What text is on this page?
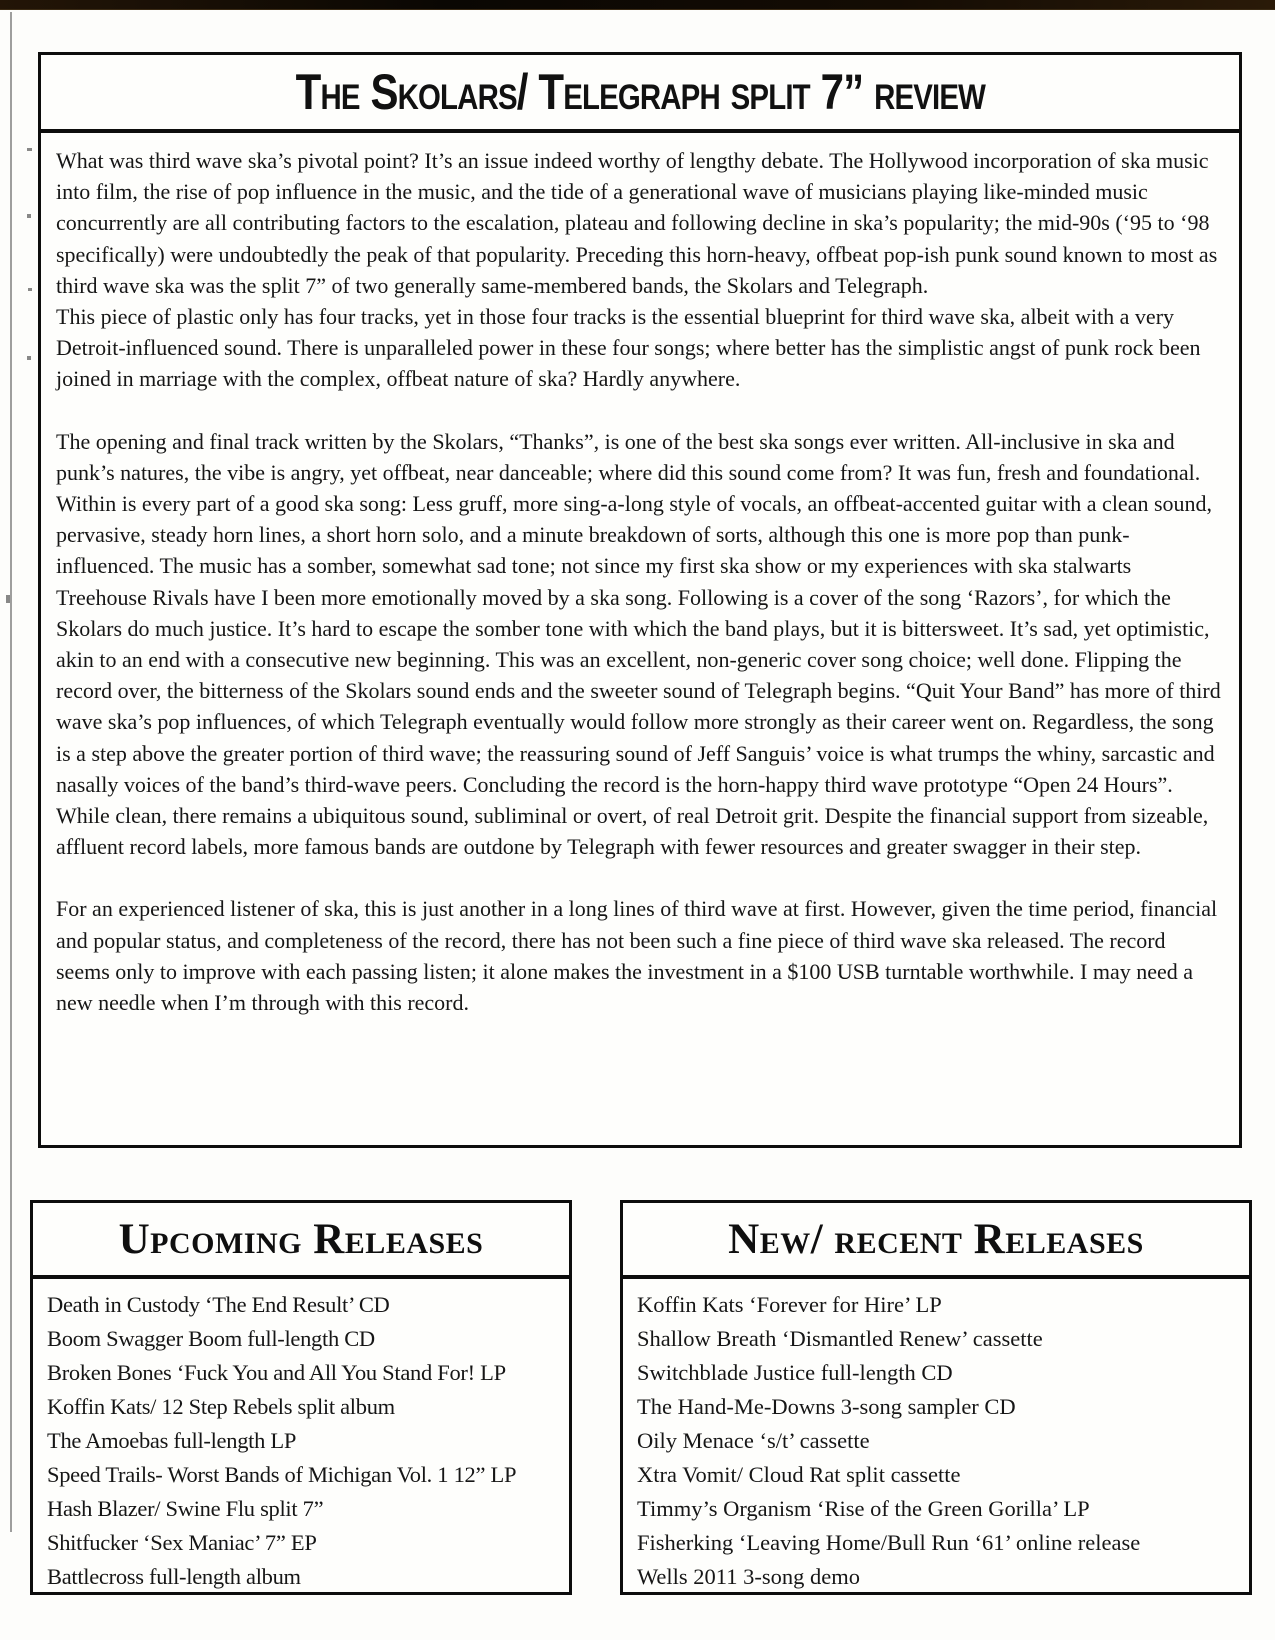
The Skolars/ Telegraph split 7” review

What was third wave ska’s pivotal point? It’s an issue indeed worthy of lengthy debate. The Hollywood incorporation of ska music into film, the rise of pop influence in the music, and the tide of a generational wave of musicians playing like-minded music concurrently are all contributing factors to the escalation, plateau and following decline in ska’s popularity; the mid-90s (‘95 to ‘98 specifically) were undoubtedly the peak of that popularity. Preceding this horn-heavy, offbeat pop-ish punk sound known to most as third wave ska was the split 7” of two generally same-membered bands, the Skolars and Telegraph.

This piece of plastic only has four tracks, yet in those four tracks is the essential blueprint for third wave ska, albeit with a very Detroit-influenced sound. There is unparalleled power in these four songs; where better has the simplistic angst of punk rock been joined in marriage with the complex, offbeat nature of ska? Hardly anywhere.

The opening and final track written by the Skolars, “Thanks”, is one of the best ska songs ever written. All-inclusive in ska and punk’s natures, the vibe is angry, yet offbeat, near danceable; where did this sound come from? It was fun, fresh and foundational. Within is every part of a good ska song: Less gruff, more sing-a-long style of vocals, an offbeat-accented guitar with a clean sound, pervasive, steady horn lines, a short horn solo, and a minute breakdown of sorts, although this one is more pop than punk-influenced. The music has a somber, somewhat sad tone; not since my first ska show or my experiences with ska stalwarts Treehouse Rivals have I been more emotionally moved by a ska song. Following is a cover of the song ‘Razors’, for which the Skolars do much justice. It’s hard to escape the somber tone with which the band plays, but it is bittersweet. It’s sad, yet optimistic, akin to an end with a consecutive new beginning. This was an excellent, non-generic cover song choice; well done. Flipping the record over, the bitterness of the Skolars sound ends and the sweeter sound of Telegraph begins. “Quit Your Band” has more of third wave ska’s pop influences, of which Telegraph eventually would follow more strongly as their career went on. Regardless, the song is a step above the greater portion of third wave; the reassuring sound of Jeff Sanguis’ voice is what trumps the whiny, sarcastic and nasally voices of the band’s third-wave peers. Concluding the record is the horn-happy third wave prototype “Open 24 Hours”. While clean, there remains a ubiquitous sound, subliminal or overt, of real Detroit grit. Despite the financial support from sizeable, affluent record labels, more famous bands are outdone by Telegraph with fewer resources and greater swagger in their step.

For an experienced listener of ska, this is just another in a long lines of third wave at first. However, given the time period, financial and popular status, and completeness of the record, there has not been such a fine piece of third wave ska released. The record seems only to improve with each passing listen; it alone makes the investment in a $100 USB turntable worthwhile. I may need a new needle when I’m through with this record.

Upcoming Releases
Death in Custody ‘The End Result’ CD
Boom Swagger Boom full-length CD
Broken Bones ‘Fuck You and All You Stand For! LP
Koffin Kats/ 12 Step Rebels split album
The Amoebas full-length LP
Speed Trails- Worst Bands of Michigan Vol. 1 12” LP
Hash Blazer/ Swine Flu split 7”
Shitfucker ‘Sex Maniac’ 7” EP
Battlecross full-length album
New/ recent Releases
Koffin Kats ‘Forever for Hire’ LP
Shallow Breath ‘Dismantled Renew’ cassette
Switchblade Justice full-length CD
The Hand-Me-Downs 3-song sampler CD
Oily Menace ‘s/t’ cassette
Xtra Vomit/ Cloud Rat split cassette
Timmy’s Organism ‘Rise of the Green Gorilla’ LP
Fisherking ‘Leaving Home/Bull Run ‘61’ online release
Wells 2011 3-song demo
